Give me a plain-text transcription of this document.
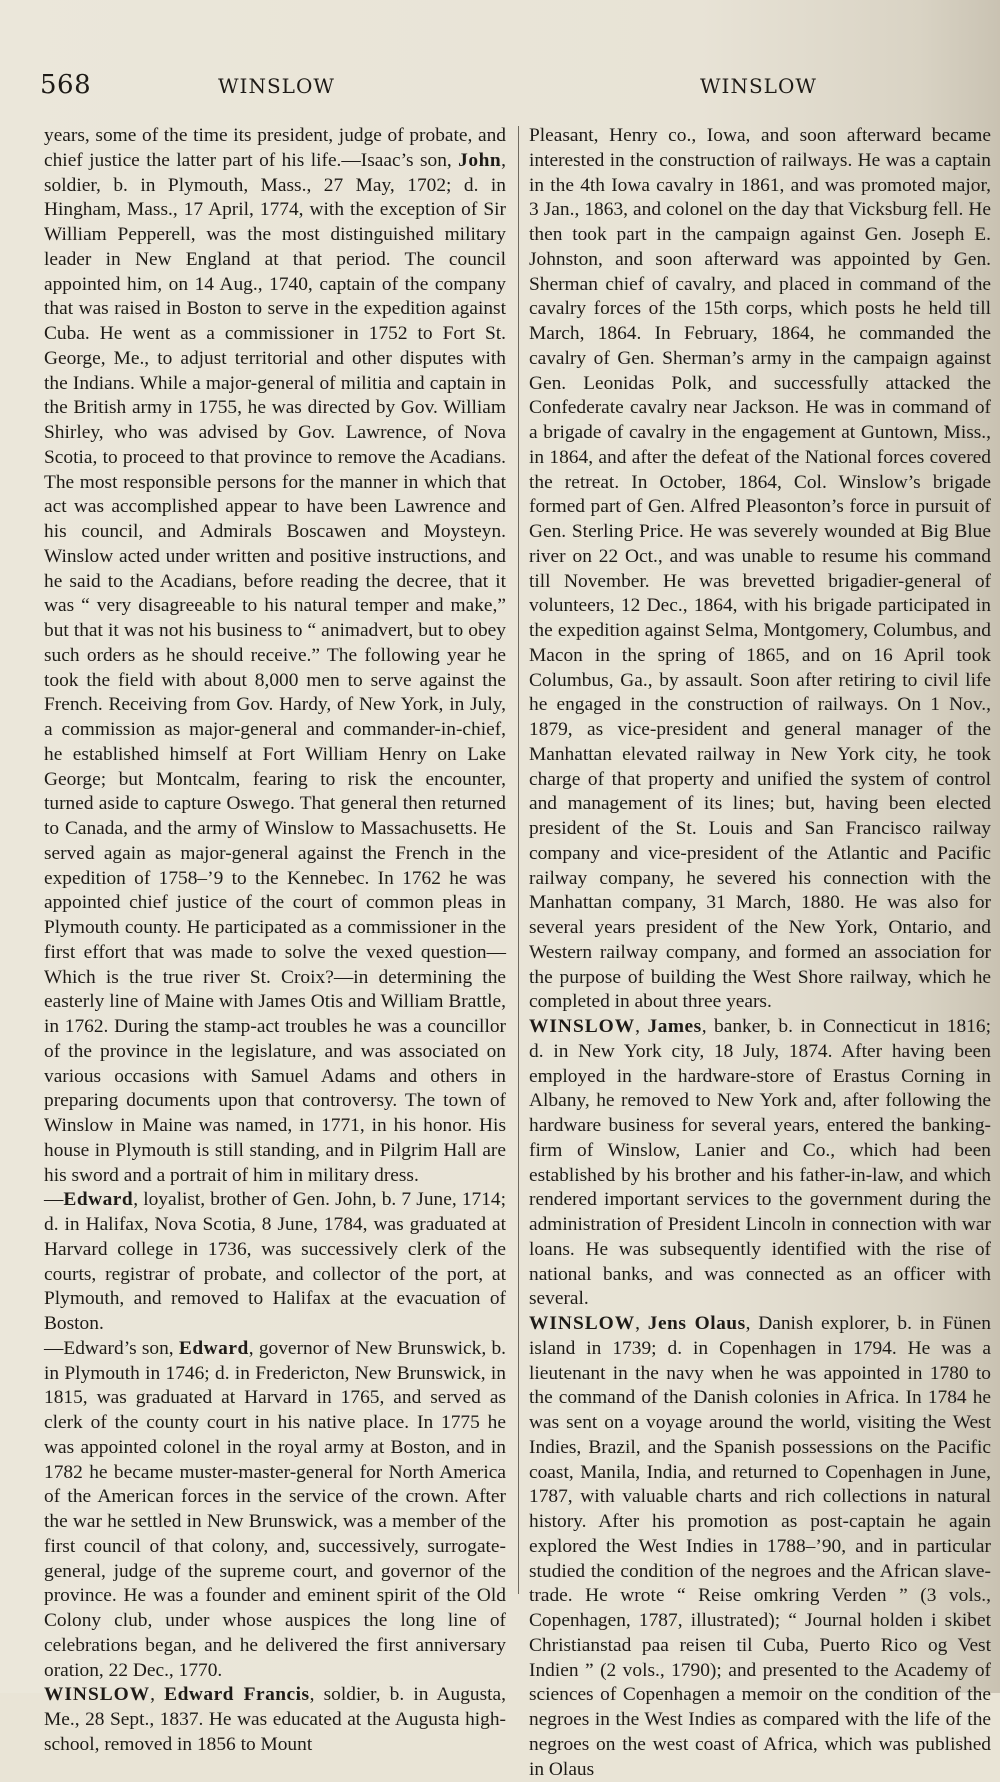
568	WINSLOW	WINSLOW

years, some of the time its president, judge of probate, and chief justice the latter part of his life.—Isaac’s son, John, soldier, b. in Plymouth, Mass., 27 May, 1702; d. in Hingham, Mass., 17 April, 1774, with the exception of Sir William Pepperell, was the most distinguished military leader in New England at that period. The council appointed him, on 14 Aug., 1740, captain of the company that was raised in Boston to serve in the expedition against Cuba. He went as a commissioner in 1752 to Fort St. George, Me., to adjust territorial and other disputes with the Indians. While a major-general of militia and captain in the British army in 1755, he was directed by Gov. William Shirley, who was advised by Gov. Lawrence, of Nova Scotia, to proceed to that province to remove the Acadians. The most responsible persons for the manner in which that act was accomplished appear to have been Lawrence and his council, and Admirals Boscawen and Moysteyn. Winslow acted under written and positive instructions, and he said to the Acadians, before reading the decree, that it was “ very disagreeable to his natural temper and make,” but that it was not his business to “ animadvert, but to obey such orders as he should receive.” The following year he took the field with about 8,000 men to serve against the French. Receiving from Gov. Hardy, of New York, in July, a commission as major-general and commander-in-chief, he established himself at Fort William Henry on Lake George; but Montcalm, fearing to risk the encounter, turned aside to capture Oswego. That general then returned to Canada, and the army of Winslow to Massachusetts. He served again as major-general against the French in the expedition of 1758–’9 to the Kennebec. In 1762 he was appointed chief justice of the court of common pleas in Plymouth county. He participated as a commissioner in the first effort that was made to solve the vexed question—Which is the true river St. Croix?—in determining the easterly line of Maine with James Otis and William Brattle, in 1762. During the stamp-act troubles he was a councillor of the province in the legislature, and was associated on various occasions with Samuel Adams and others in preparing documents upon that controversy. The town of Winslow in Maine was named, in 1771, in his honor. His house in Plymouth is still standing, and in Pilgrim Hall are his sword and a portrait of him in military dress.

—Edward, loyalist, brother of Gen. John, b. 7 June, 1714; d. in Halifax, Nova Scotia, 8 June, 1784, was graduated at Harvard college in 1736, was successively clerk of the courts, registrar of probate, and collector of the port, at Plymouth, and removed to Halifax at the evacuation of Boston.

—Edward’s son, Edward, governor of New Brunswick, b. in Plymouth in 1746; d. in Fredericton, New Brunswick, in 1815, was graduated at Harvard in 1765, and served as clerk of the county court in his native place. In 1775 he was appointed colonel in the royal army at Boston, and in 1782 he became muster-master-general for North America of the American forces in the service of the crown. After the war he settled in New Brunswick, was a member of the first council of that colony, and, successively, surrogate-general, judge of the supreme court, and governor of the province. He was a founder and eminent spirit of the Old Colony club, under whose auspices the long line of celebrations began, and he delivered the first anniversary oration, 22 Dec., 1770.

WINSLOW, Edward Francis, soldier, b. in Augusta, Me., 28 Sept., 1837. He was educated at the Augusta high-school, removed in 1856 to Mount

Pleasant, Henry co., Iowa, and soon afterward became interested in the construction of railways. He was a captain in the 4th Iowa cavalry in 1861, and was promoted major, 3 Jan., 1863, and colonel on the day that Vicksburg fell. He then took part in the campaign against Gen. Joseph E. Johnston, and soon afterward was appointed by Gen. Sherman chief of cavalry, and placed in command of the cavalry forces of the 15th corps, which posts he held till March, 1864. In February, 1864, he commanded the cavalry of Gen. Sherman’s army in the campaign against Gen. Leonidas Polk, and successfully attacked the Confederate cavalry near Jackson. He was in command of a brigade of cavalry in the engagement at Guntown, Miss., in 1864, and after the defeat of the National forces covered the retreat. In October, 1864, Col. Winslow’s brigade formed part of Gen. Alfred Pleasonton’s force in pursuit of Gen. Sterling Price. He was severely wounded at Big Blue river on 22 Oct., and was unable to resume his command till November. He was brevetted brigadier-general of volunteers, 12 Dec., 1864, with his brigade participated in the expedition against Selma, Montgomery, Columbus, and Macon in the spring of 1865, and on 16 April took Columbus, Ga., by assault. Soon after retiring to civil life he engaged in the construction of railways. On 1 Nov., 1879, as vice-president and general manager of the Manhattan elevated railway in New York city, he took charge of that property and unified the system of control and management of its lines; but, having been elected president of the St. Louis and San Francisco railway company and vice-president of the Atlantic and Pacific railway company, he severed his connection with the Manhattan company, 31 March, 1880. He was also for several years president of the New York, Ontario, and Western railway company, and formed an association for the purpose of building the West Shore railway, which he completed in about three years.

WINSLOW, James, banker, b. in Connecticut in 1816; d. in New York city, 18 July, 1874. After having been employed in the hardware-store of Erastus Corning in Albany, he removed to New York and, after following the hardware business for several years, entered the banking-firm of Winslow, Lanier and Co., which had been established by his brother and his father-in-law, and which rendered important services to the government during the administration of President Lincoln in connection with war loans. He was subsequently identified with the rise of national banks, and was connected as an officer with several.

WINSLOW, Jens Olaus, Danish explorer, b. in Fünen island in 1739; d. in Copenhagen in 1794. He was a lieutenant in the navy when he was appointed in 1780 to the command of the Danish colonies in Africa. In 1784 he was sent on a voyage around the world, visiting the West Indies, Brazil, and the Spanish possessions on the Pacific coast, Manila, India, and returned to Copenhagen in June, 1787, with valuable charts and rich collections in natural history. After his promotion as post-captain he again explored the West Indies in 1788–’90, and in particular studied the condition of the negroes and the African slave-trade. He wrote “ Reise omkring Verden ” (3 vols., Copenhagen, 1787, illustrated); “ Journal holden i skibet Christianstad paa reisen til Cuba, Puerto Rico og Vest Indien ” (2 vols., 1790); and presented to the Academy of sciences of Copenhagen a memoir on the condition of the negroes in the West Indies as compared with the life of the negroes on the west coast of Africa, which was published in Olaus
